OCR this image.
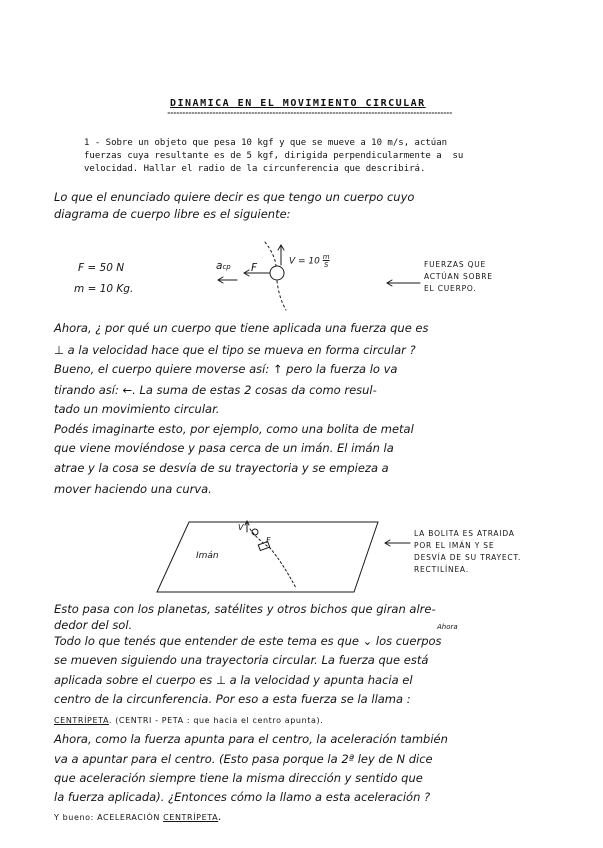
DINAMICA EN EL MOVIMIENTO CIRCULAR
1 - Sobre un objeto que pesa 10 kgf y que se mueve a 10 m/s, actúan
fuerzas cuya resultante es de 5 kgf, dirigida perpendicularmente a  su
velocidad. Hallar el radio de la circunferencia que describirá.
Lo que el enunciado quiere decir es que tengo un cuerpo cuyo
diagrama de cuerpo libre es el siguiente:
F = 50 N
m = 10 Kg.
acp F
$V = 10 \frac{m}{S}$	FUERZAS QUE
ACTÚAN SOBRE
EL CUERPO.
Ahora, ¿ por qué un cuerpo que tiene aplicada una fuerza que es
⊥ a la velocidad hace que el tipo se mueva en forma circular ?
Bueno, el cuerpo quiere moverse así: ↑ pero la fuerza lo va
tirando así: ←. La suma de estas 2 cosas da como resul-
tado un movimiento circular.
Podés imaginarte esto, por ejemplo, como una bolita de metal
que viene moviéndose y pasa cerca de un imán. El imán la
atrae y la cosa se desvía de su trayectoria y se empieza a
mover haciendo una curva.
Imán
V
F
LA BOLITA ES ATRAIDA
POR EL IMÁN Y SE
DESVÍA DE SU TRAYECT.
RECTILÍNEA.
Esto pasa con los planetas, satélites y otros bichos que giran alre-
dedor del sol.	Ahora
Todo lo que tenés que entender de este tema es que ⌄ los cuerpos
se mueven siguiendo una trayectoria circular. La fuerza que está
aplicada sobre el cuerpo es ⊥ a la velocidad y apunta hacia el
centro de la circunferencia. Por eso a esta fuerza se la llama :
CENTRÍPETA. (CENTRI - PETA : que hacia el centro apunta).
Ahora, como la fuerza apunta para el centro, la aceleración también
va a apuntar para el centro. (Esto pasa porque la 2ª ley de N dice
que aceleración siempre tiene la misma dirección y sentido que
la fuerza aplicada). ¿Entonces cómo la llamo a esta aceleración ?
Y bueno: ACELERACIÓN CENTRÍPETA.
